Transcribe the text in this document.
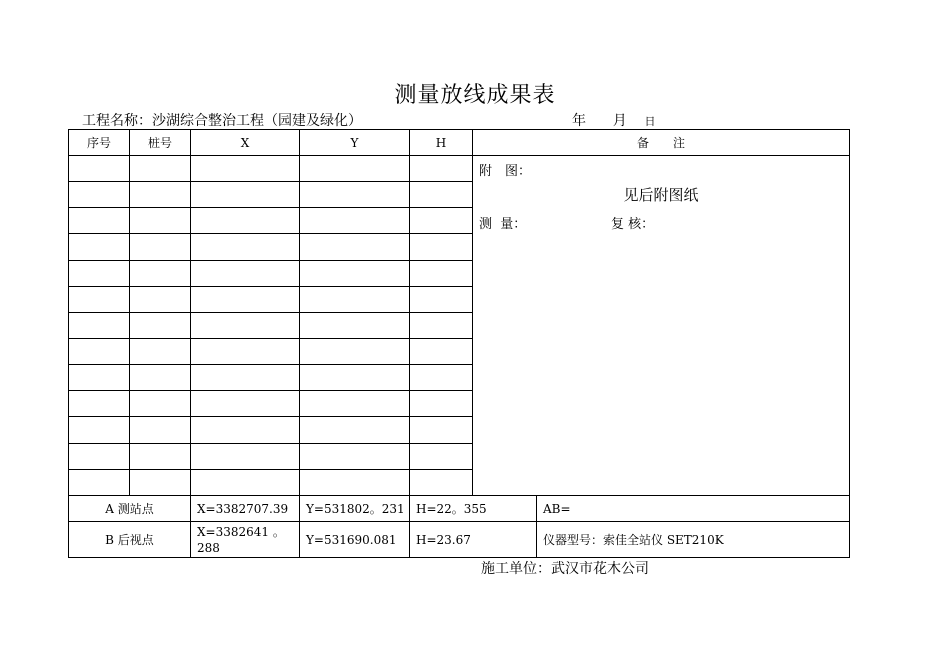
测量放线成果表
工程名称：沙湖综合整治工程（园建及绿化）	年 月 日
序号	桩号	X	Y	H	备　　注	

					附　图：
见后附图纸
测  量： 复 核：	

A 测站点		X=3382707.39	Y=531802。231	H=22。355		AB=
B 后视点		X=3382641 。 288	Y=531690.081	H=23.67		仪器型号：索佳全站仪 SET210K
施工单位：武汉市花木公司
